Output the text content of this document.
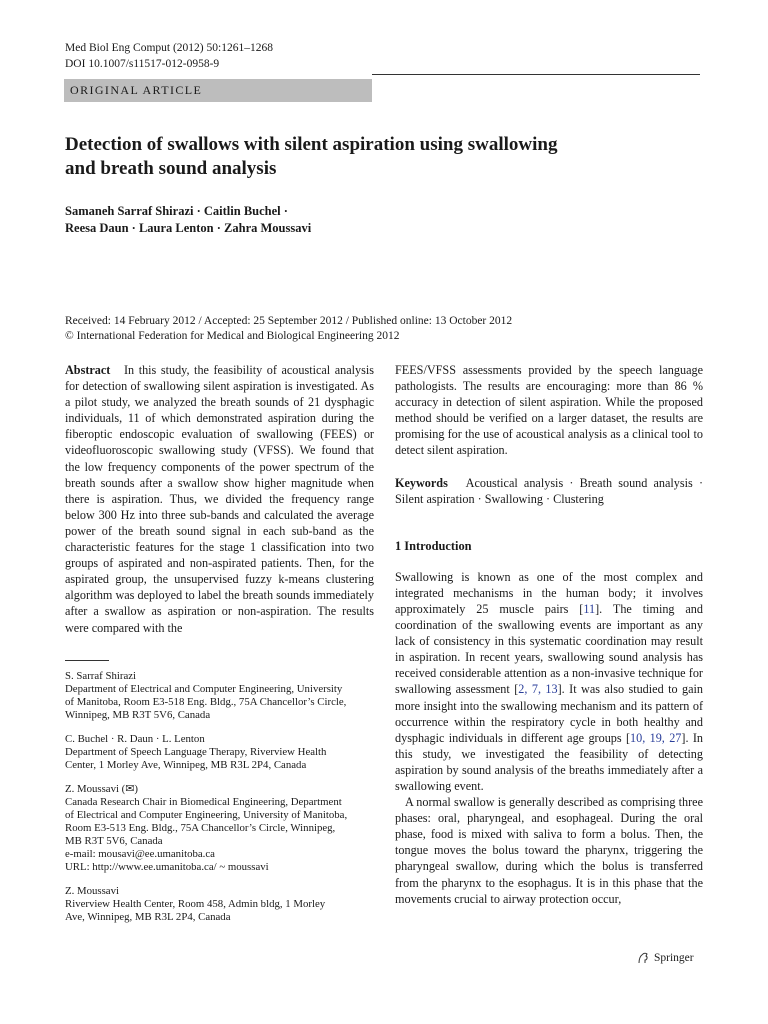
Med Biol Eng Comput (2012) 50:1261–1268
DOI 10.1007/s11517-012-0958-9
ORIGINAL ARTICLE
Detection of swallows with silent aspiration using swallowing
and breath sound analysis
Samaneh Sarraf Shirazi · Caitlin Buchel ·
Reesa Daun · Laura Lenton · Zahra Moussavi
Received: 14 February 2012 / Accepted: 25 September 2012 / Published online: 13 October 2012
© International Federation for Medical and Biological Engineering 2012

Abstract In this study, the feasibility of acoustical analysis for detection of swallowing silent aspiration is investigated. As a pilot study, we analyzed the breath sounds of 21 dysphagic individuals, 11 of which demonstrated aspiration during the fiberoptic endoscopic evaluation of swallowing (FEES) or videofluoroscopic swallowing study (VFSS). We found that the low frequency components of the power spectrum of the breath sounds after a swallow show higher magnitude when there is aspiration. Thus, we divided the frequency range below 300 Hz into three sub-bands and calculated the average power of the breath sound signal in each sub-band as the characteristic features for the stage 1 classification into two groups of aspirated and non-aspirated patients. Then, for the aspirated group, the unsupervised fuzzy k-means clustering algorithm was deployed to label the breath sounds immediately after a swallow as aspiration or non-aspiration. The results were compared with the

S. Sarraf Shirazi
Department of Electrical and Computer Engineering, University
of Manitoba, Room E3-518 Eng. Bldg., 75A Chancellor’s Circle,
Winnipeg, MB R3T 5V6, Canada
C. Buchel · R. Daun · L. Lenton
Department of Speech Language Therapy, Riverview Health
Center, 1 Morley Ave, Winnipeg, MB R3L 2P4, Canada
Z. Moussavi (✉)
Canada Research Chair in Biomedical Engineering, Department
of Electrical and Computer Engineering, University of Manitoba,
Room E3-513 Eng. Bldg., 75A Chancellor’s Circle, Winnipeg,
MB R3T 5V6, Canada
e-mail: mousavi@ee.umanitoba.ca
URL: http://www.ee.umanitoba.ca/ ~ moussavi
Z. Moussavi
Riverview Health Center, Room 458, Admin bldg, 1 Morley
Ave, Winnipeg, MB R3L 2P4, Canada

FEES/VFSS assessments provided by the speech language pathologists. The results are encouraging: more than 86 % accuracy in detection of silent aspiration. While the proposed method should be verified on a larger dataset, the results are promising for the use of acoustical analysis as a clinical tool to detect silent aspiration.

Keywords Acoustical analysis · Breath sound analysis · Silent aspiration · Swallowing · Clustering

1 Introduction

Swallowing is known as one of the most complex and integrated mechanisms in the human body; it involves approximately 25 muscle pairs [11]. The timing and coordination of the swallowing events are important as any lack of consistency in this systematic coordination may result in aspiration. In recent years, swallowing sound analysis has received considerable attention as a non-invasive technique for swallowing assessment [2, 7, 13]. It was also studied to gain more insight into the swallowing mechanism and its pattern of occurrence within the respiratory cycle in both healthy and dysphagic individuals in different age groups [10, 19, 27]. In this study, we investigated the feasibility of detecting aspiration by sound analysis of the breaths immediately after a swallowing event.

A normal swallow is generally described as comprising three phases: oral, pharyngeal, and esophageal. During the oral phase, food is mixed with saliva to form a bolus. Then, the tongue moves the bolus toward the pharynx, triggering the pharyngeal swallow, during which the bolus is transferred from the pharynx to the esophagus. It is in this phase that the movements crucial to airway protection occur,

Springer
